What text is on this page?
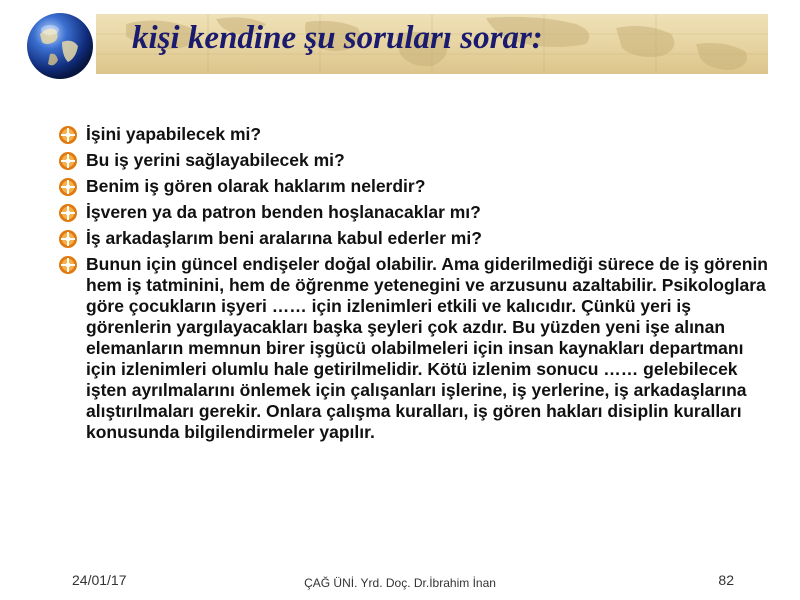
kişi kendine şu soruları sorar:
İşini yapabilecek mi?
Bu iş yerini sağlayabilecek mi?
Benim iş gören olarak haklarım nelerdir?
İşveren ya da patron benden hoşlanacaklar mı?
İş arkadaşlarım beni aralarına kabul ederler mi?
Bunun için güncel endişeler doğal olabilir. Ama giderilmediği sürece de iş görenin hem iş tatminini, hem de öğrenme yetenegini ve arzusunu azaltabilir. Psikologlara göre çocukların işyeri …… için izlenimleri etkili ve kalıcıdır. Çünkü yeri iş görenlerin yargılayacakları başka şeyleri çok azdır. Bu yüzden yeni işe alınan elemanların memnun birer işgücü olabilmeleri için insan kaynakları departmanı için izlenimleri olumlu hale getirilmelidir. Kötü izlenim sonucu …… gelebilecek işten ayrılmalarını önlemek için çalışanları işlerine, iş yerlerine, iş arkadaşlarına alıştırılmaları gerekir. Onlara çalışma kuralları, iş gören hakları disiplin kuralları konusunda bilgilendirmeler yapılır.
24/01/17	ÇAĞ ÜNİ. Yrd. Doç. Dr.İbrahim İnan	82
